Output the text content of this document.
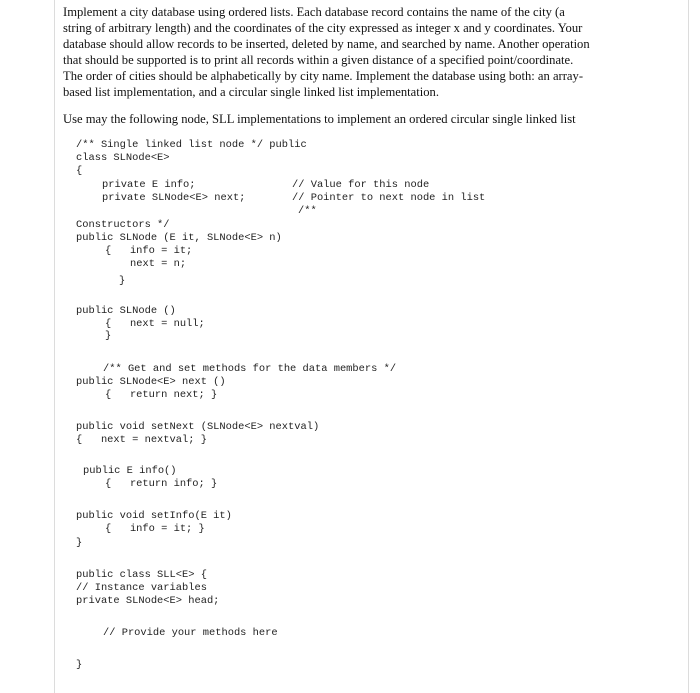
Implement a city database using ordered lists. Each database record contains the name of the city (a
string of arbitrary length) and the coordinates of the city expressed as integer x and y coordinates. Your
database should allow records to be inserted, deleted by name, and searched by name. Another operation
that should be supported is to print all records within a given distance of a specified point/coordinate.
The order of cities should be alphabetically by city name. Implement the database using both: an array-
based list implementation, and a circular single linked list implementation.
Use may the following node, SLL implementations to implement an ordered circular single linked list
/** Single linked list node */ public
class SLNode<E>
{
private E info;	// Value for this node
private SLNode<E> next;	// Pointer to next node in list
/**
Constructors */
public SLNode (E it, SLNode<E> n)
{   info = it;
next = n;
}
public SLNode ()
{   next = null;
}
/** Get and set methods for the data members */
public SLNode<E> next ()
{   return next; }
public void setNext (SLNode<E> nextval)
{   next = nextval; }
public E info()
{   return info; }
public void setInfo(E it)
{   info = it; }
}
public class SLL<E> {
// Instance variables
private SLNode<E> head;
// Provide your methods here
}
